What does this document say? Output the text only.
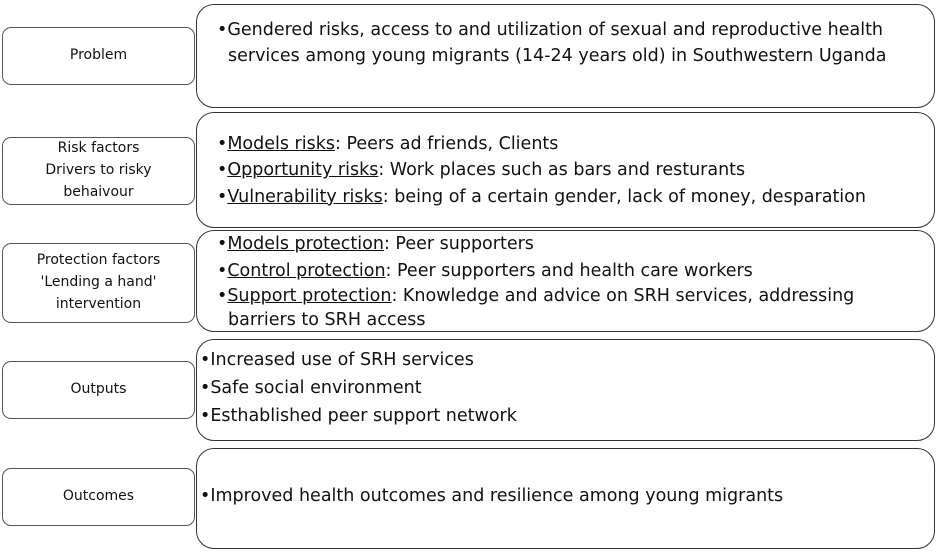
Problem

•Gendered risks, access to and utilization of sexual and reproductive health

services among young migrants (14-24 years old) in Southwestern Uganda

Risk factors
Drivers to risky
behaivour

•Models risks: Peers ad friends, Clients

•Opportunity risks: Work places such as bars and resturants

•Vulnerability risks: being of a certain gender, lack of money, desparation

Protection factors
'Lending a hand'
intervention

•Models protection: Peer supporters

•Control protection: Peer supporters and health care workers

•Support protection: Knowledge and advice on SRH services, addressing

barriers to SRH access

Outputs

•Increased use of SRH services

•Safe social environment

•Esthablished peer support network

Outcomes	•Improved health outcomes and resilience among young migrants
